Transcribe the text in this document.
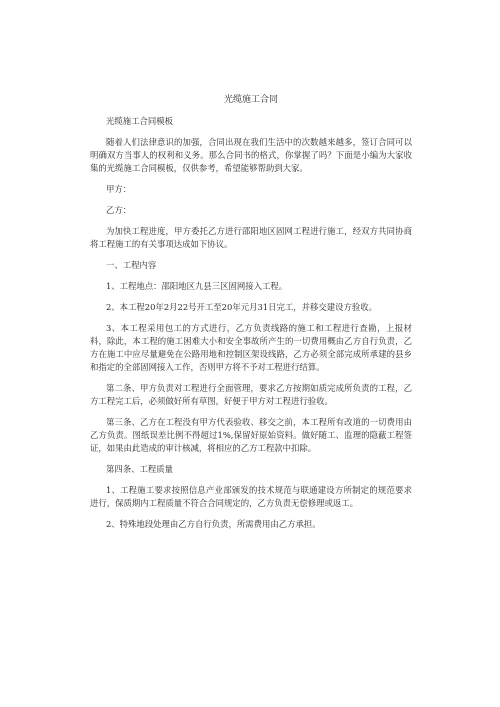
光缆施工合同

光缆施工合同模板

随着人们法律意识的加强，合同出现在我们生活中的次数越来越多，签订合同可以明确双方当事人的权利和义务。那么合同书的格式，你掌握了吗？下面是小编为大家收集的光缆施工合同模板，仅供参考，希望能够帮助到大家。

甲方：

乙方：

为加快工程进度，甲方委托乙方进行邵阳地区固网工程进行施工，经双方共同协商将工程施工的有关事项达成如下协议。

一、工程内容

1、工程地点：邵阳地区九县三区固网接入工程。

2、本工程20年2月22号开工至20年元月31日完工，并移交建设方验收。

3、本工程采用包工的方式进行，乙方负责线路的施工和工程进行查勘，上报材料，除此，本工程的施工困难大小和安全事故所产生的一切费用概由乙方自行负责，乙方在施工中应尽量避免在公路用地和控制区架设线路，乙方必须全部完成所承建的县乡和指定的全部固网接入工作，否则甲方将不予对工程进行结算。

第二条、甲方负责对工程进行全面管理，要求乙方按期如质完成所负责的工程，乙方工程完工后，必须做好所有草图，好便于甲方对工程进行验收。

第三条、乙方在工程没有甲方代表验收、移交之前，本工程所有改道的一切费用由乙方负责。图纸误差比例不得超过1%,保留好原始资料。做好随工、监理的隐蔽工程签证，如果由此造成的审计核减，将相应的乙方工程款中扣除。

第四条、工程质量

1、工程施工要求按照信息产业部颁发的技术规范与联通建设方所制定的规范要求进行，保质期内工程质量不符合合同规定的，乙方负责无偿修理或返工。

2、特殊地段处理由乙方自行负责，所需费用由乙方承担。
